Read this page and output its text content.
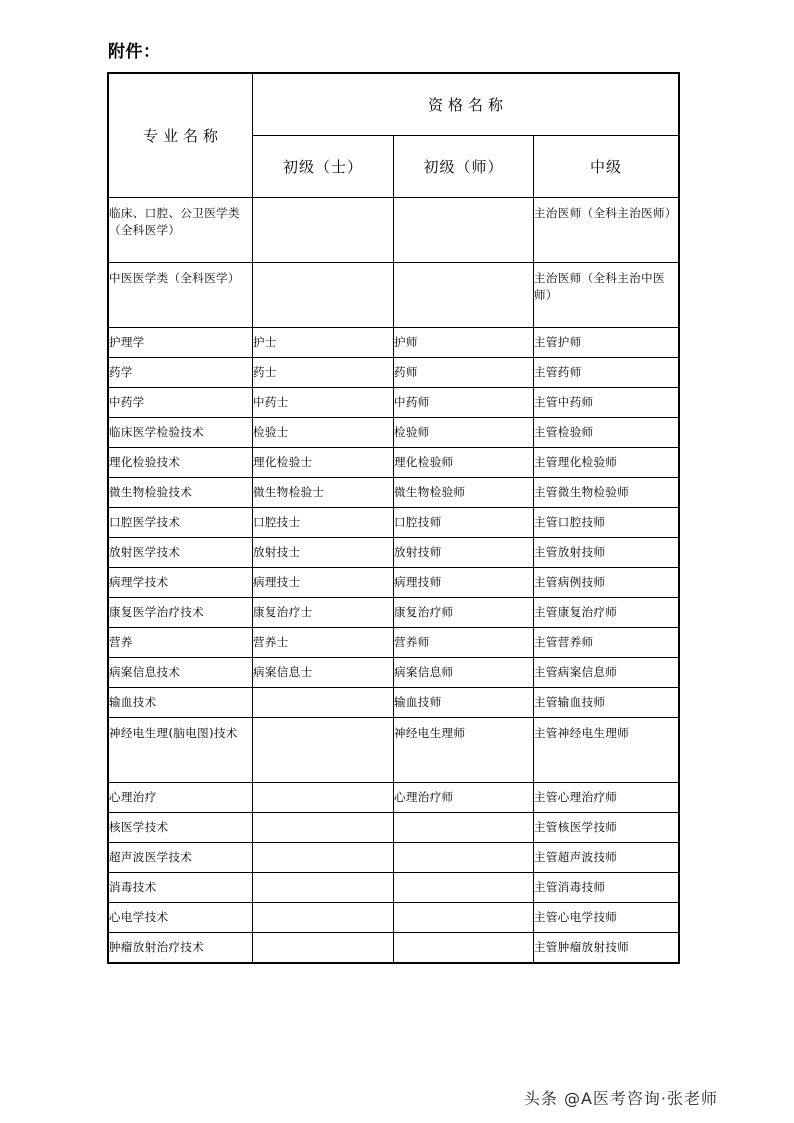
附件：
专业名称	资格名称		
	初级（士）	初级（师）	中级

临床、口腔、公卫医学类（全科医学）			主治医师（全科主治医师）

中医医学类（全科医学）			主治医师（全科主治中医师）

护理学	护士	护师	主管护师
药学	药士	药师	主管药师
中药学	中药士	中药师	主管中药师
临床医学检验技术	检验士	检验师	主管检验师
理化检验技术	理化检验士	理化检验师	主管理化检验师
微生物检验技术	微生物检验士	微生物检验师	主管微生物检验师
口腔医学技术	口腔技士	口腔技师	主管口腔技师
放射医学技术	放射技士	放射技师	主管放射技师
病理学技术	病理技士	病理技师	主管病例技师
康复医学治疗技术	康复治疗士	康复治疗师	主管康复治疗师
营养	营养士	营养师	主管营养师
病案信息技术	病案信息士	病案信息师	主管病案信息师
输血技术		输血技师	主管输血技师

神经电生理(脑电图)技术		神经电生理师	主管神经电生理师

心理治疗		心理治疗师	主管心理治疗师
核医学技术			主管核医学技师
超声波医学技术			主管超声波技师
消毒技术			主管消毒技师
心电学技术			主管心电学技师
肿瘤放射治疗技术			主管肿瘤放射技师
头条 @A医考咨询·张老师
